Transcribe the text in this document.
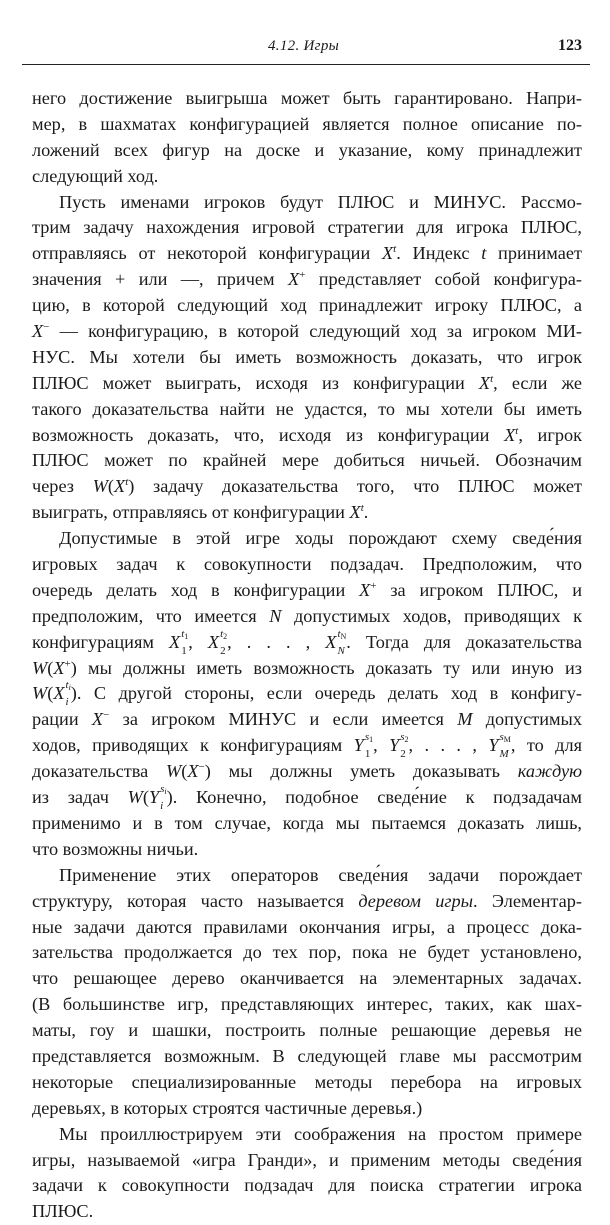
4.12. Игры	123
него достижение выигрыша может быть гарантировано. Напри-
мер, в шахматах конфигурацией является полное описание по-
ложений всех фигур на доске и указание, кому принадлежит
следующий ход.
Пусть именами игроков будут ПЛЮС и МИНУС. Рассмо-
трим задачу нахождения игровой стратегии для игрока ПЛЮС,
отправляясь от некоторой конфигурации $X^t$. Индекс t принимает
значения + или —, причем X+ представляет собой конфигура-
цию, в которой следующий ход принадлежит игроку ПЛЮС, а
X− — конфигурацию, в которой следующий ход за игроком МИ-
НУС. Мы хотели бы иметь возможность доказать, что игрок
ПЛЮС может выиграть, исходя из конфигурации $X^t$, если же
такого доказательства найти не удастся, то мы хотели бы иметь
возможность доказать, что, исходя из конфигурации $X^t$, игрок
ПЛЮС может по крайней мере добиться ничьей. Обозначим
через $W(X^t)$ задачу доказательства того, что ПЛЮС может
выиграть, отправляясь от конфигурации $X^t$.
Допустимые в этой игре ходы порождают схему сведе́ния
игровых задач к совокупности подзадач. Предположим, что
очередь делать ход в конфигурации X+ за игроком ПЛЮС, и
предположим, что имеется N допустимых ходов, приводящих к
конфигурациям X $t_1$
1 , X $t_2$
2 , . . . , X $t_N$
N . Тогда для доказательства
W(X+) мы должны иметь возможность доказать ту или иную из
W(X $t_i$
i ). С другой стороны, если очередь делать ход в конфигу-
рации X− за игроком МИНУС и если имеется M допустимых
ходов, приводящих к конфигурациям Y $s_1$
1 , Y $s_2$
2 , . . . , Y $s_M$
M , то для
доказательства W(X−) мы должны уметь доказывать каждую
из задач W(Y $s_i$
i ). Конечно, подобное сведе́ние к подзадачам
применимо и в том случае, когда мы пытаемся доказать лишь,
что возможны ничьи.
Применение этих операторов сведе́ния задачи порождает
структуру, которая часто называется деревом игры. Элементар-
ные задачи даются правилами окончания игры, а процесс дока-
зательства продолжается до тех пор, пока не будет установлено,
что решающее дерево оканчивается на элементарных задачах.
(В большинстве игр, представляющих интерес, таких, как шах-
маты, гоу и шашки, построить полные решающие деревья не
представляется возможным. В следующей главе мы рассмотрим
некоторые специализированные методы перебора на игровых
деревьях, в которых строятся частичные деревья.)
Мы проиллюстрируем эти соображения на простом примере
игры, называемой «игра Гранди», и применим методы сведе́ния
задачи к совокупности подзадач для поиска стратегии игрока
ПЛЮС.
